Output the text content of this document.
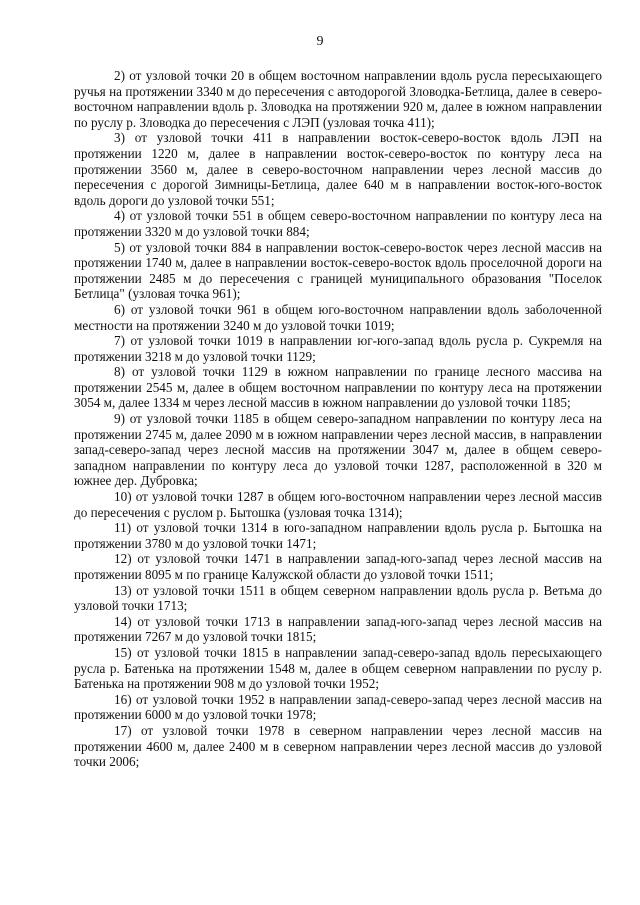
9

2) от узловой точки 20 в общем восточном направлении вдоль русла пересыхающего ручья на протяжении 3340 м до пересечения с автодорогой Зловодка-Бетлица, далее в северо-восточном направлении вдоль р. Зловодка на протяжении 920 м, далее в южном направлении по руслу р. Зловодка до пересечения с ЛЭП (узловая точка 411);

3) от узловой точки 411 в направлении восток-северо-восток вдоль ЛЭП на протяжении 1220 м, далее в направлении восток-северо-восток по контуру леса на протяжении 3560 м, далее в северо-восточном направлении через лесной массив до пересечения с дорогой Зимницы-Бетлица, далее 640 м в направлении восток-юго-восток вдоль дороги до узловой точки 551;

4) от узловой точки 551 в общем северо-восточном направлении по контуру леса на протяжении 3320 м до узловой точки 884;

5) от узловой точки 884 в направлении восток-северо-восток через лесной массив на протяжении 1740 м, далее в направлении восток-северо-восток вдоль проселочной дороги на протяжении 2485 м до пересечения с границей муниципального образования "Поселок Бетлица" (узловая точка 961);

6) от узловой точки 961 в общем юго-восточном направлении вдоль заболоченной местности на протяжении 3240 м до узловой точки 1019;

7) от узловой точки 1019 в направлении юг-юго-запад вдоль русла р. Сукремля на протяжении 3218 м до узловой точки 1129;

8) от узловой точки 1129 в южном направлении по границе лесного массива на протяжении 2545 м, далее в общем восточном направлении по контуру леса на протяжении 3054 м, далее 1334 м через лесной массив в южном направлении до узловой точки 1185;

9) от узловой точки 1185 в общем северо-западном направлении по контуру леса на протяжении 2745 м, далее 2090 м в южном направлении через лесной массив, в направлении запад-северо-запад через лесной массив на протяжении 3047 м, далее в общем северо-западном направлении по контуру леса до узловой точки 1287, расположенной в 320 м южнее дер. Дубровка;

10) от узловой точки 1287 в общем юго-восточном направлении через лесной массив до пересечения с руслом р. Бытошка (узловая точка 1314);

11) от узловой точки 1314 в юго-западном направлении вдоль русла р. Бытошка на протяжении 3780 м до узловой точки 1471;

12) от узловой точки 1471 в направлении запад-юго-запад через лесной массив на протяжении 8095 м по границе Калужской области до узловой точки 1511;

13) от узловой точки 1511 в общем северном направлении вдоль русла р. Ветьма до узловой точки 1713;

14) от узловой точки 1713 в направлении запад-юго-запад через лесной массив на протяжении 7267 м до узловой точки 1815;

15) от узловой точки 1815 в направлении запад-северо-запад вдоль пересыхающего русла р. Батенька на протяжении 1548 м, далее в общем северном направлении по руслу р. Батенька на протяжении 908 м до узловой точки 1952;

16) от узловой точки 1952 в направлении запад-северо-запад через лесной массив на протяжении 6000 м до узловой точки 1978;

17) от узловой точки 1978 в северном направлении через лесной массив на протяжении 4600 м, далее 2400 м в северном направлении через лесной массив до узловой точки 2006;
